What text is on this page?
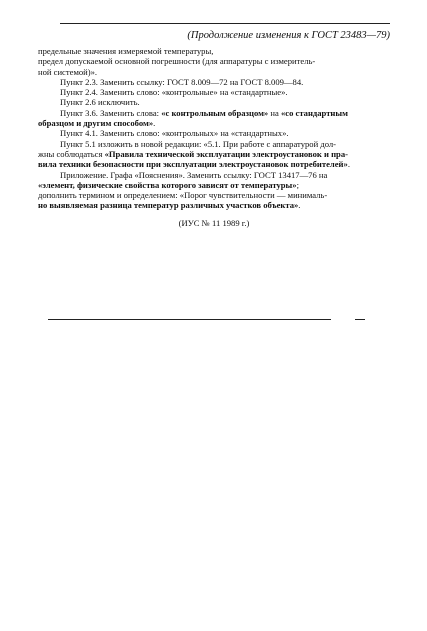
(Продолжение изменения к ГОСТ 23483—79)

предельные значения измеряемой температуры,

предел допускаемой основной погрешности (для аппаратуры с измеритель-

ной системой)».

Пункт 2.3. Заменить ссылку: ГОСТ 8.009—72 на ГОСТ 8.009—84.

Пункт 2.4. Заменить слово: «контрольные» на «стандартные».

Пункт 2.6 исключить.

Пункт 3.6. Заменить слова: «с контрольным образцом» на «со стандартным

образцом и другим способом».

Пункт 4.1. Заменить слово: «контрольных» на «стандартных».

Пункт 5.1 изложить в новой редакции: «5.1. При работе с аппаратурой дол-

жны соблюдаться «Правила технической эксплуатации электроустановок и пра-

вила техники безопасности при эксплуатации электроустановок потребителей».

Приложение. Графа «Пояснения». Заменить ссылку: ГОСТ 13417—76 на

«элемент, физические свойства которого зависят от температуры»;

дополнить термином и определением: «Порог чувствительности — минималь-

но выявляемая разница температур различных участков объекта».

(ИУС № 11 1989 г.)
